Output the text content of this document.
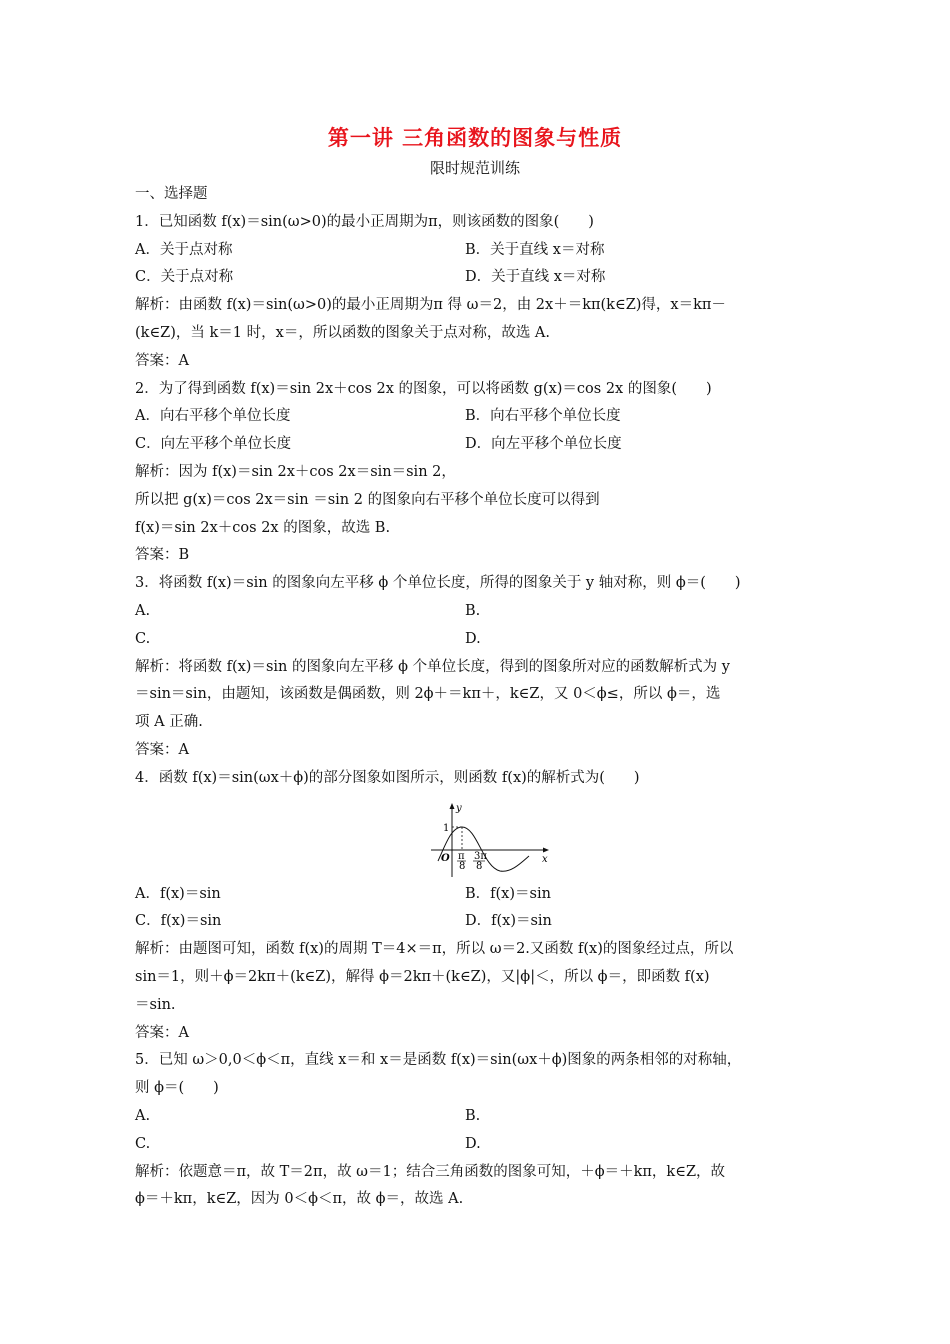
第一讲 三角函数的图象与性质
限时规范训练
一、选择题
1．已知函数 f(x)＝sin(ω>0)的最小正周期为π，则该函数的图象(　　)
A．关于点对称	B．关于直线 x＝对称
C．关于点对称	D．关于直线 x＝对称
解析：由函数 f(x)＝sin(ω>0)的最小正周期为π 得 ω＝2，由 2x＋＝kπ(k∈Z)得，x＝kπ－
(k∈Z)，当 k＝1 时，x＝，所以函数的图象关于点对称，故选 A.
答案：A
2．为了得到函数 f(x)＝sin 2x＋cos 2x 的图象，可以将函数 g(x)＝cos 2x 的图象(　　)
A．向右平移个单位长度	B．向右平移个单位长度
C．向左平移个单位长度	D．向左平移个单位长度
解析：因为 f(x)＝sin 2x＋cos 2x＝sin＝sin 2，
所以把 g(x)＝cos 2x＝sin ＝sin 2 的图象向右平移个单位长度可以得到
f(x)＝sin 2x＋cos 2x 的图象，故选 B.
答案：B
3．将函数 f(x)＝sin 的图象向左平移 ϕ 个单位长度，所得的图象关于 y 轴对称，则 ϕ＝(　　)
A.	B.
C.	D.
解析：将函数 f(x)＝sin 的图象向左平移 ϕ 个单位长度，得到的图象所对应的函数解析式为 y
＝sin＝sin，由题知，该函数是偶函数，则 2ϕ＋＝kπ＋，k∈Z，又 0＜ϕ≤，所以 ϕ＝，选
项 A 正确.
答案：A
4．函数 f(x)＝sin(ωx＋ϕ)的部分图象如图所示，则函数 f(x)的解析式为(　　)
y
x
1
O π
8
3π
8
A．f(x)＝sin	B．f(x)＝sin
C．f(x)＝sin	D．f(x)＝sin
解析：由题图可知，函数 f(x)的周期 T＝4×＝π，所以 ω＝2.又函数 f(x)的图象经过点，所以
sin＝1，则＋ϕ＝2kπ＋(k∈Z)，解得 ϕ＝2kπ＋(k∈Z)，又|ϕ|＜，所以 ϕ＝，即函数 f(x)
＝sin.
答案：A
5．已知 ω＞0,0＜ϕ＜π，直线 x＝和 x＝是函数 f(x)＝sin(ωx＋ϕ)图象的两条相邻的对称轴，
则 ϕ＝(　　)
A.	B.
C.	D.
解析：依题意＝π，故 T＝2π，故 ω＝1；结合三角函数的图象可知，＋ϕ＝＋kπ，k∈Z，故
ϕ＝＋kπ，k∈Z，因为 0＜ϕ＜π，故 ϕ＝，故选 A.
